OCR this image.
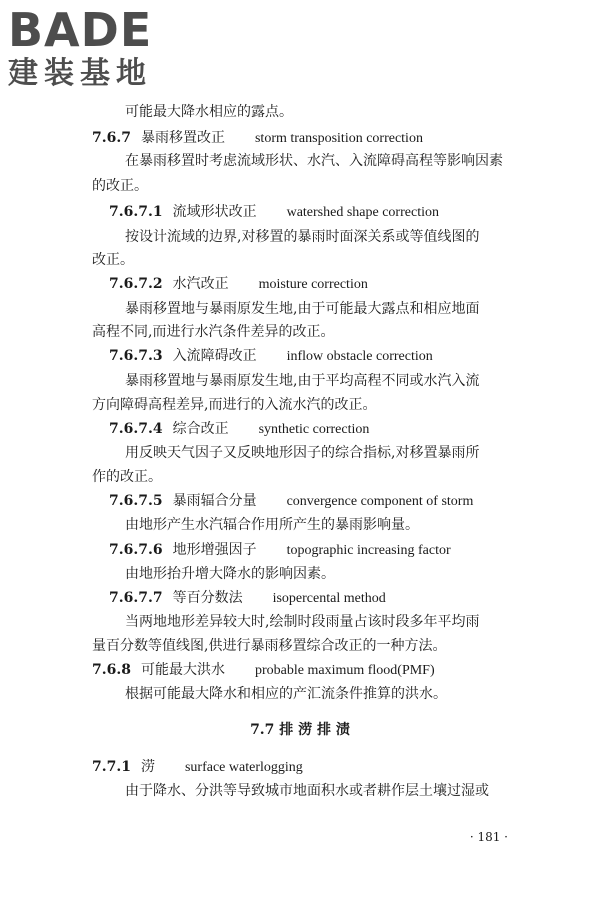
BADE
建装基地
可能最大降水相应的露点。
7.6.7 暴雨移置改正 storm transposition correction
在暴雨移置时考虑流域形状、水汽、入流障碍高程等影响因素
的改正。
7.6.7.1 流域形状改正 watershed shape correction
按设计流域的边界,对移置的暴雨时面深关系或等值线图的
改正。
7.6.7.2 水汽改正 moisture correction
暴雨移置地与暴雨原发生地,由于可能最大露点和相应地面
高程不同,而进行水汽条件差异的改正。
7.6.7.3 入流障碍改正 inflow obstacle correction
暴雨移置地与暴雨原发生地,由于平均高程不同或水汽入流
方向障碍高程差异,而进行的入流水汽的改正。
7.6.7.4 综合改正 synthetic correction
用反映天气因子又反映地形因子的综合指标,对移置暴雨所
作的改正。
7.6.7.5 暴雨辐合分量 convergence component of storm
由地形产生水汽辐合作用所产生的暴雨影响量。
7.6.7.6 地形增强因子 topographic increasing factor
由地形抬升增大降水的影响因素。
7.6.7.7 等百分数法 isopercental method
当两地地形差异较大时,绘制时段雨量占该时段多年平均雨
量百分数等值线图,供进行暴雨移置综合改正的一种方法。
7.6.8 可能最大洪水 probable maximum flood(PMF)
根据可能最大降水和相应的产汇流条件推算的洪水。
7.7 排 涝 排 渍
7.7.1 涝 surface waterlogging
由于降水、分洪等导致城市地面积水或者耕作层土壤过湿或
· 181 ·
